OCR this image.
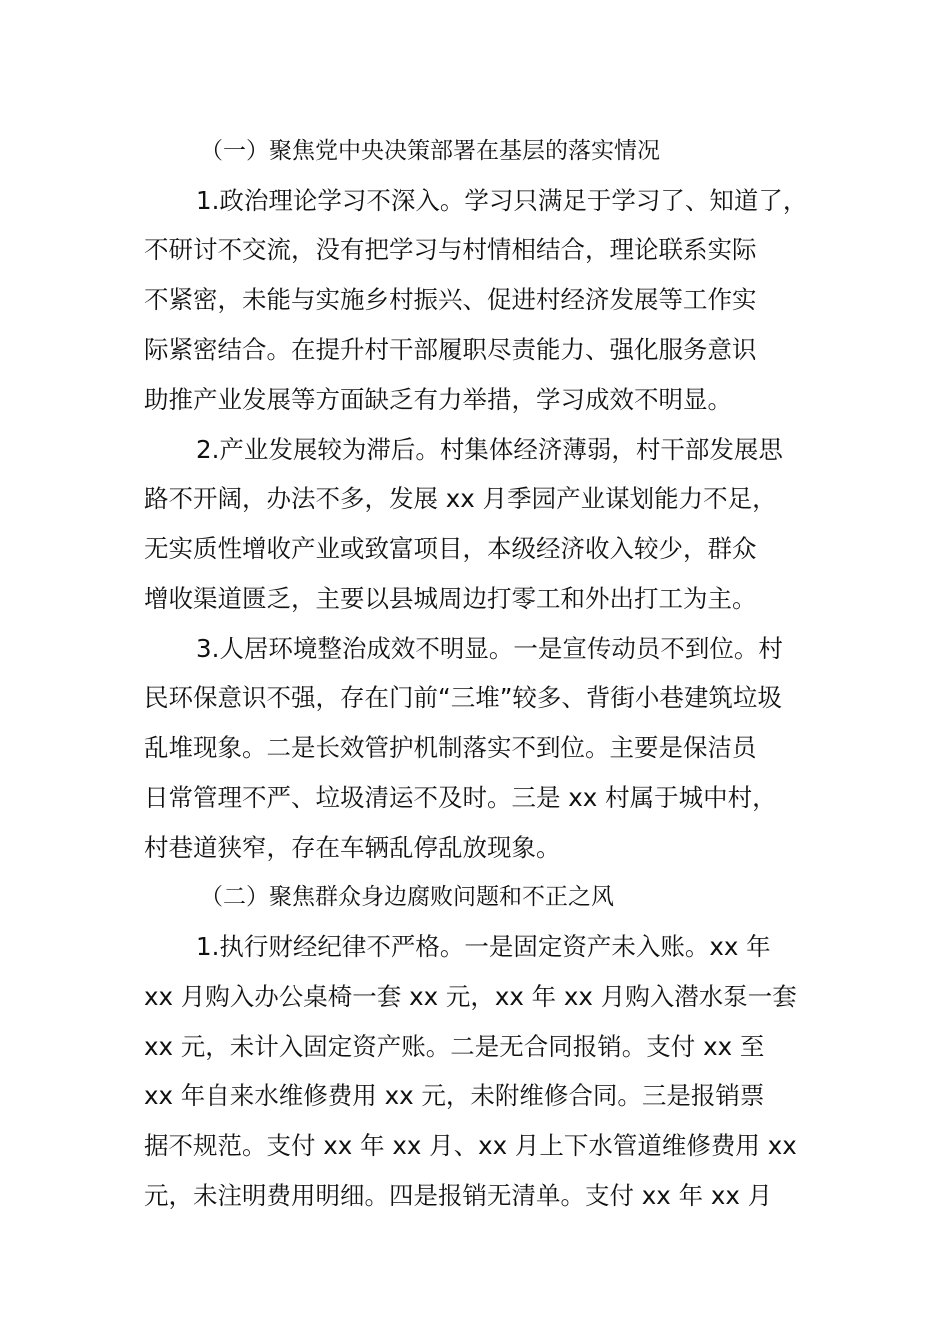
（一）聚焦党中央决策部署在基层的落实情况
1.政治理论学习不深入。学习只满足于学习了、知道了，
不研讨不交流，没有把学习与村情相结合，理论联系实际
不紧密，未能与实施乡村振兴、促进村经济发展等工作实
际紧密结合。在提升村干部履职尽责能力、强化服务意识
助推产业发展等方面缺乏有力举措，学习成效不明显。
2.产业发展较为滞后。村集体经济薄弱，村干部发展思
路不开阔，办法不多，发展 xx 月季园产业谋划能力不足，
无实质性增收产业或致富项目，本级经济收入较少，群众
增收渠道匮乏，主要以县城周边打零工和外出打工为主。
3.人居环境整治成效不明显。一是宣传动员不到位。村
民环保意识不强，存在门前“三堆”较多、背街小巷建筑垃圾
乱堆现象。二是长效管护机制落实不到位。主要是保洁员
日常管理不严、垃圾清运不及时。三是 xx 村属于城中村，
村巷道狭窄，存在车辆乱停乱放现象。
（二）聚焦群众身边腐败问题和不正之风
1.执行财经纪律不严格。一是固定资产未入账。xx 年
xx 月购入办公桌椅一套 xx 元，xx 年 xx 月购入潜水泵一套
xx 元，未计入固定资产账。二是无合同报销。支付 xx 至
xx 年自来水维修费用 xx 元，未附维修合同。三是报销票
据不规范。支付 xx 年 xx 月、xx 月上下水管道维修费用 xx
元，未注明费用明细。四是报销无清单。支付 xx 年 xx 月
